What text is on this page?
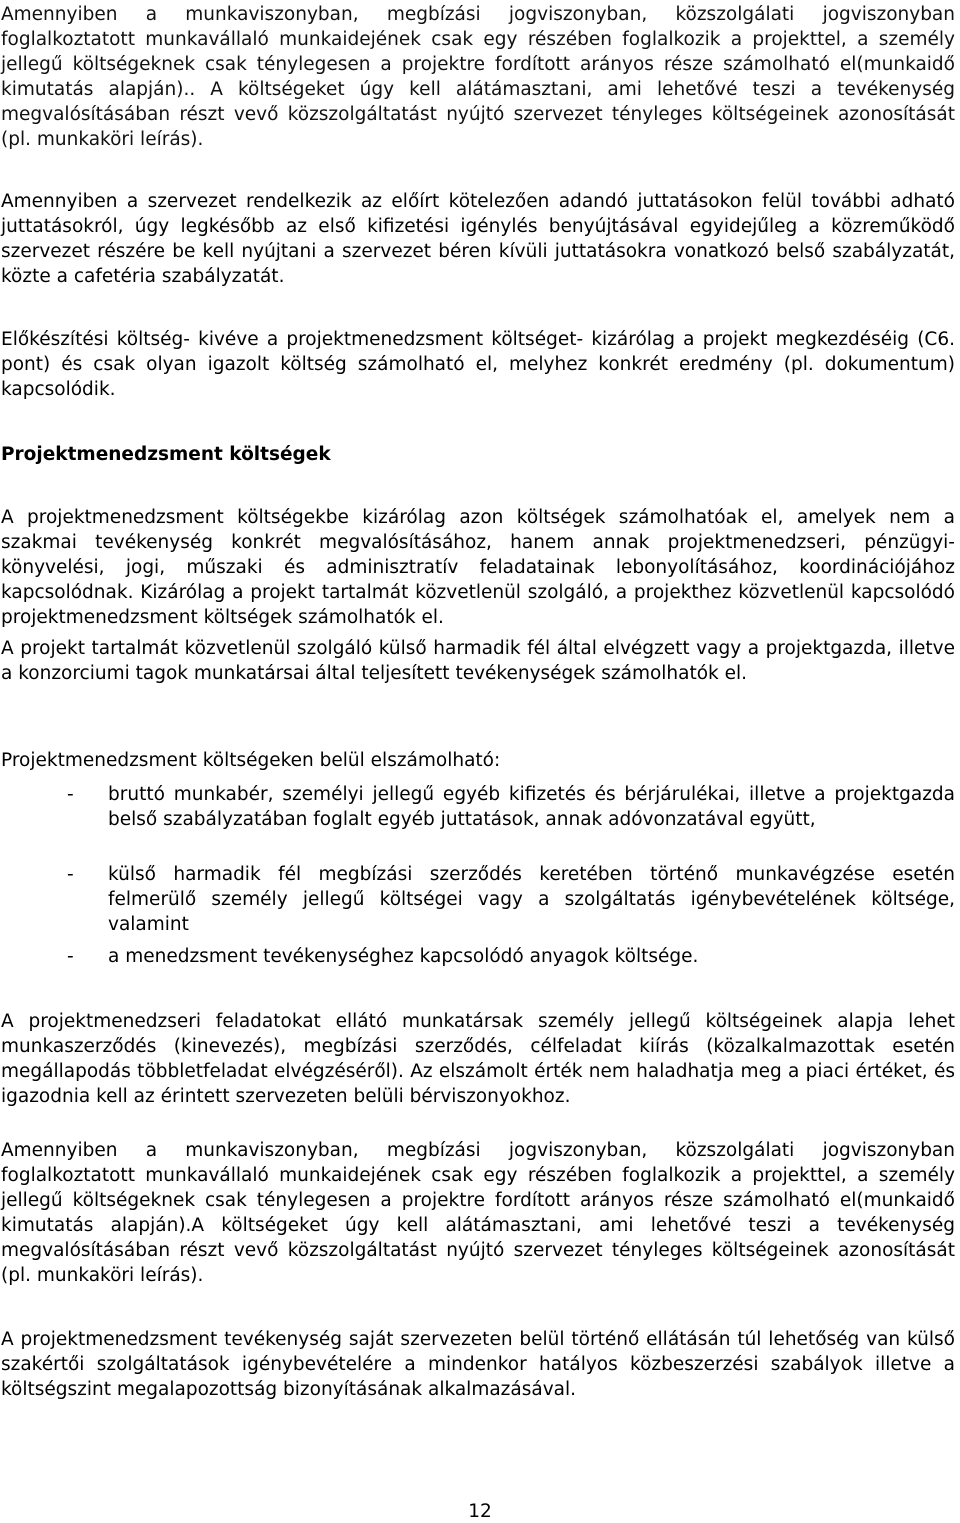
Amennyiben a munkaviszonyban, megbízási jogviszonyban, közszolgálati jogviszonyban foglalkoztatott munkavállaló munkaidejének csak egy részében foglalkozik a projekttel, a személy jellegű költségeknek csak ténylegesen a projektre fordított arányos része számolható el(munkaidő kimutatás alapján).. A költségeket úgy kell alátámasztani, ami lehetővé teszi a tevékenység megvalósításában részt vevő közszolgáltatást nyújtó szervezet tényleges költségeinek azonosítását (pl. munkaköri leírás).

Amennyiben a szervezet rendelkezik az előírt kötelezően adandó juttatásokon felül további adható juttatásokról, úgy legkésőbb az első kifizetési igénylés benyújtásával egyidejűleg a közreműködő szervezet részére be kell nyújtani a szervezet béren kívüli juttatásokra vonatkozó belső szabályzatát, közte a cafetéria szabályzatát.

Előkészítési költség- kivéve a projektmenedzsment költséget- kizárólag a projekt megkezdéséig (C6. pont) és csak olyan igazolt költség számolható el, melyhez konkrét eredmény (pl. dokumentum) kapcsolódik.

Projektmenedzsment költségek

A projektmenedzsment költségekbe kizárólag azon költségek számolhatóak el, amelyek nem a szakmai tevékenység konkrét megvalósításához, hanem annak projektmenedzseri, pénzügyi-könyvelési, jogi, műszaki és adminisztratív feladatainak lebonyolításához, koordinációjához kapcsolódnak. Kizárólag a projekt tartalmát közvetlenül szolgáló, a projekthez közvetlenül kapcsolódó projektmenedzsment költségek számolhatók el.

A projekt tartalmát közvetlenül szolgáló külső harmadik fél által elvégzett vagy a projektgazda, illetve a konzorciumi tagok munkatársai által teljesített tevékenységek számolhatók el.

Projektmenedzsment költségeken belül elszámolható:

- bruttó munkabér, személyi jellegű egyéb kifizetés és bérjárulékai, illetve a projektgazda belső szabályzatában foglalt egyéb juttatások, annak adóvonzatával együtt,
- külső harmadik fél megbízási szerződés keretében történő munkavégzése esetén felmerülő személy jellegű költségei vagy a szolgáltatás igénybevételének költsége, valamint
- a menedzsment tevékenységhez kapcsolódó anyagok költsége.

A projektmenedzseri feladatokat ellátó munkatársak személy jellegű költségeinek alapja lehet munkaszerződés (kinevezés), megbízási szerződés, célfeladat kiírás (közalkalmazottak esetén megállapodás többletfeladat elvégzéséről). Az elszámolt érték nem haladhatja meg a piaci értéket, és igazodnia kell az érintett szervezeten belüli bérviszonyokhoz.

Amennyiben a munkaviszonyban, megbízási jogviszonyban, közszolgálati jogviszonyban foglalkoztatott munkavállaló munkaidejének csak egy részében foglalkozik a projekttel, a személy jellegű költségeknek csak ténylegesen a projektre fordított arányos része számolható el(munkaidő kimutatás alapján).A költségeket úgy kell alátámasztani, ami lehetővé teszi a tevékenység megvalósításában részt vevő közszolgáltatást nyújtó szervezet tényleges költségeinek azonosítását (pl. munkaköri leírás).

A projektmenedzsment tevékenység saját szervezeten belül történő ellátásán túl lehetőség van külső szakértői szolgáltatások igénybevételére a mindenkor hatályos közbeszerzési szabályok illetve a költségszint megalapozottság bizonyításának alkalmazásával.

12
